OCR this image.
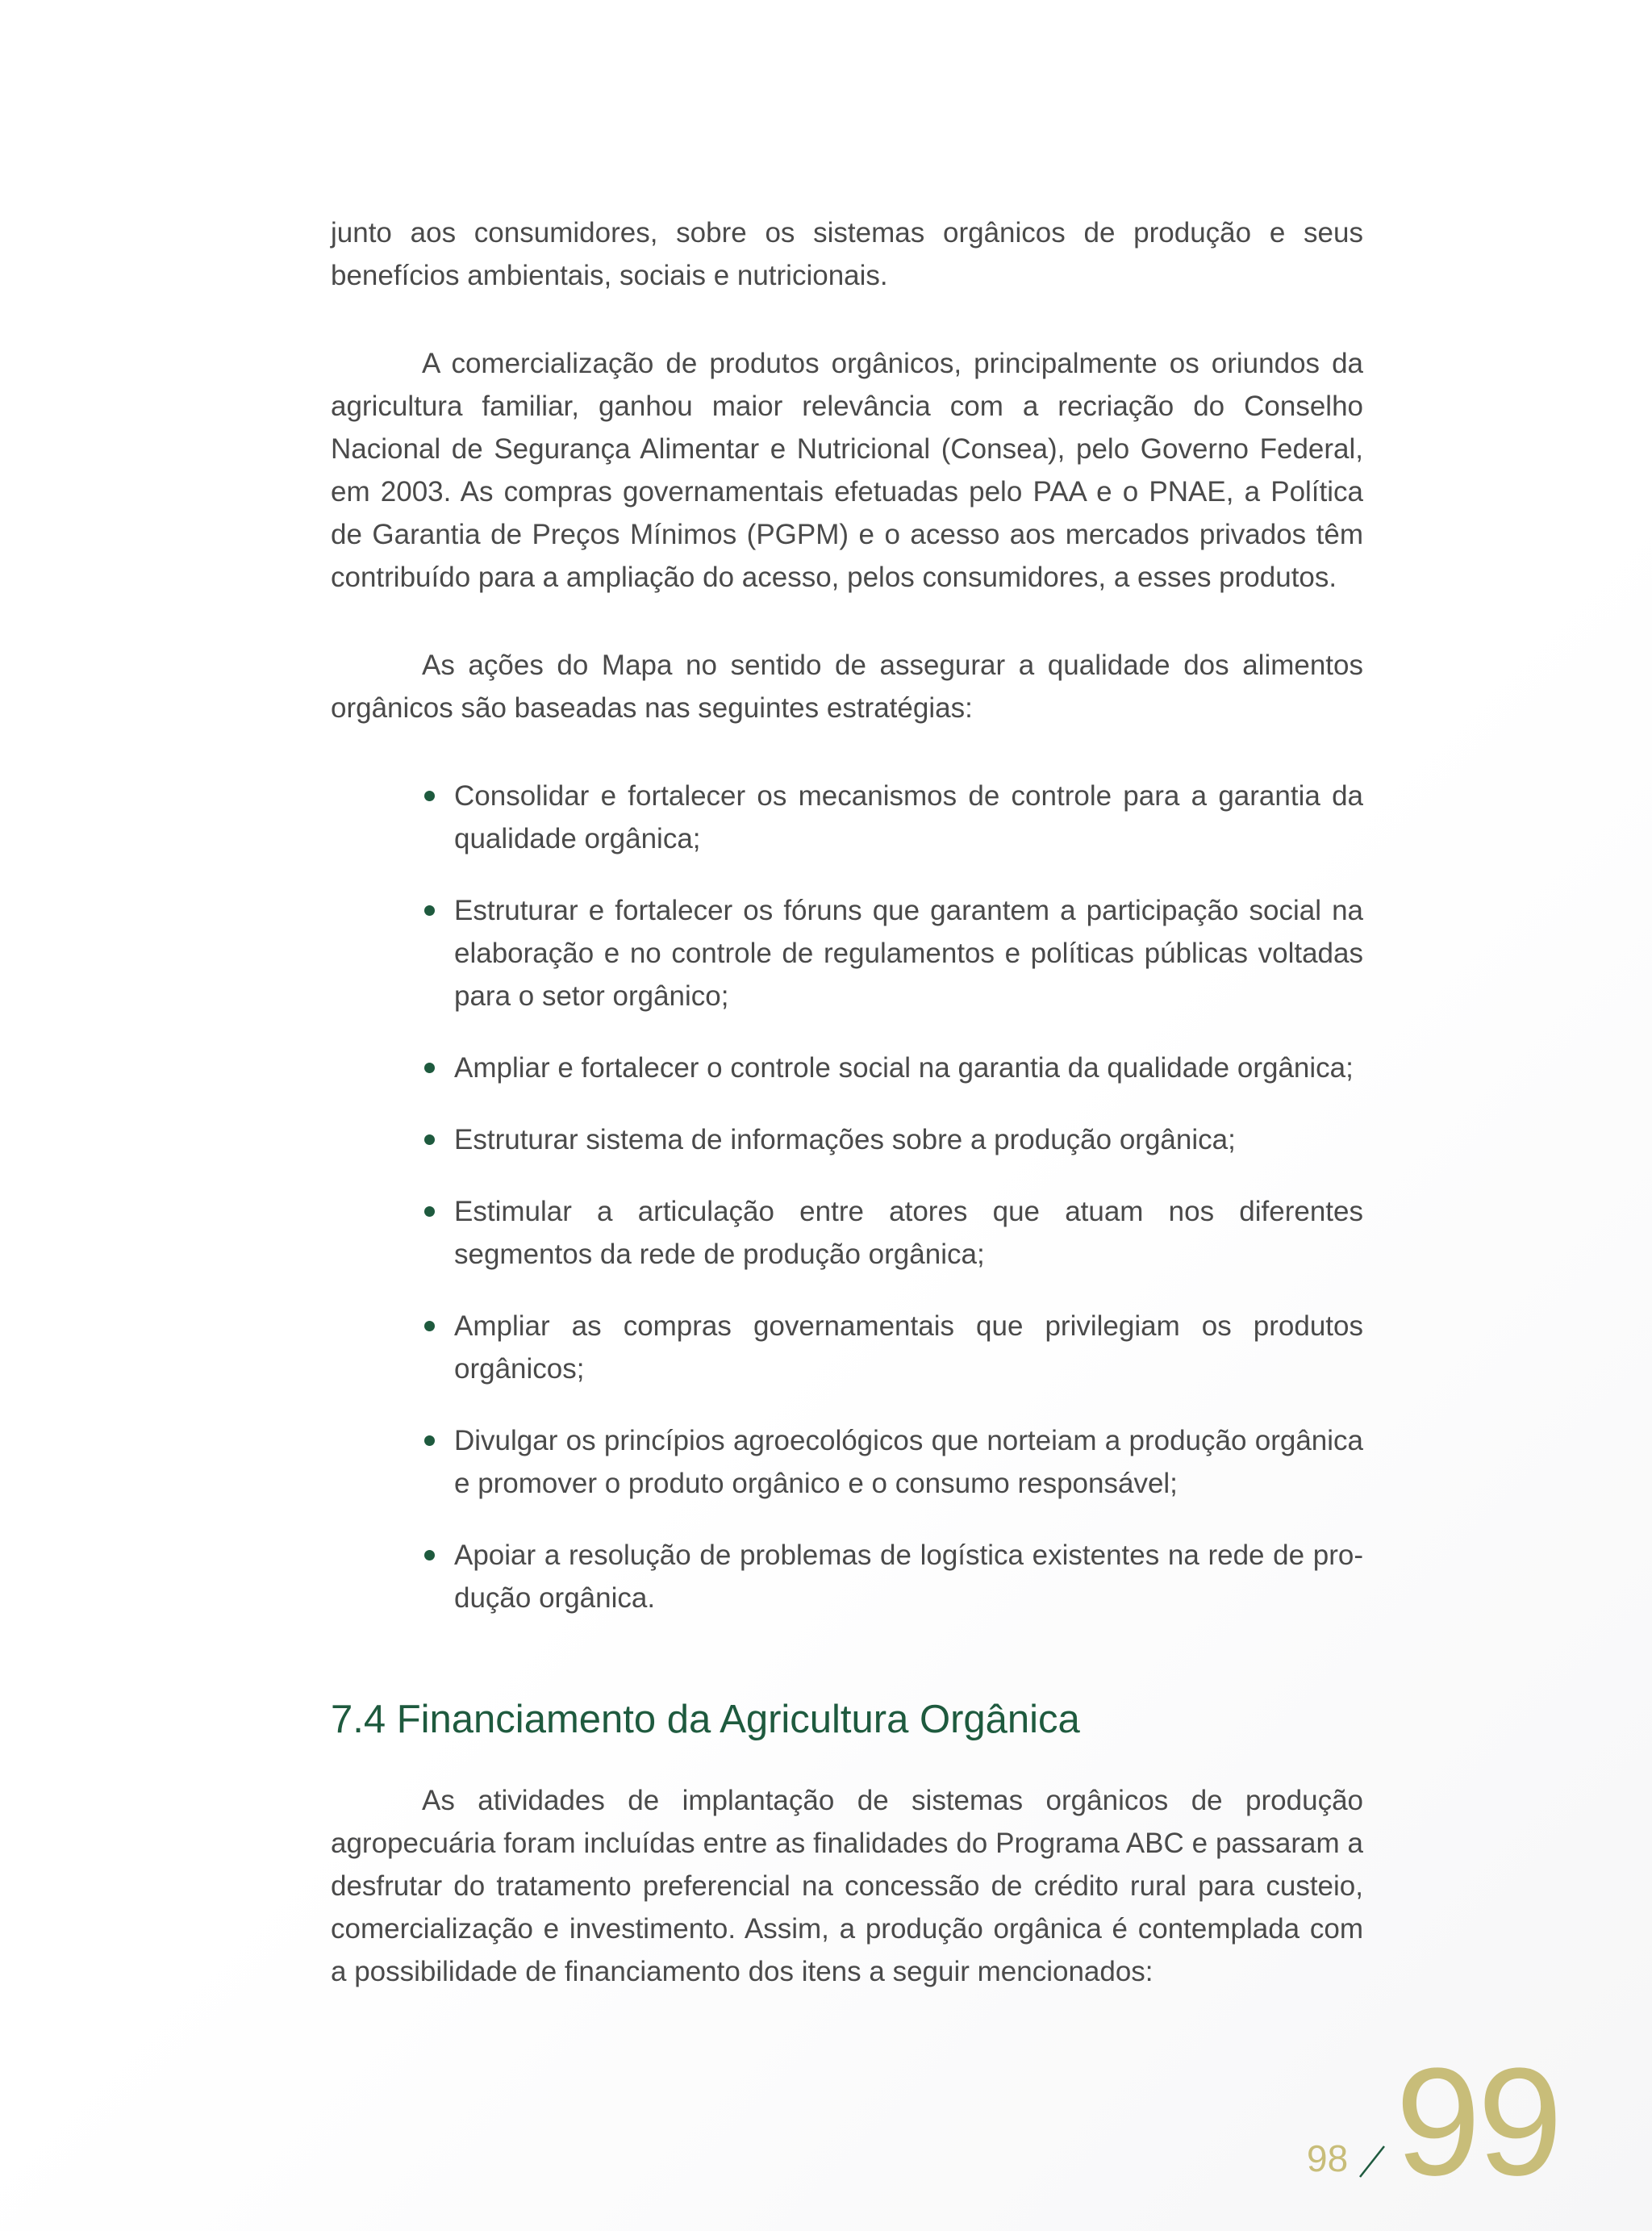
junto aos consumidores, sobre os sistemas orgânicos de produção e seus benefícios ambientais, sociais e nutricionais.

A comercialização de produtos orgânicos, principalmente os oriundos da agricultura familiar, ganhou maior relevância com a recriação do Conselho Nacional de Segurança Alimentar e Nutricional (Consea), pelo Governo Federal, em 2003. As compras governamentais efetuadas pelo PAA e o PNAE, a Política de Garantia de Preços Mínimos (PGPM) e o acesso aos mercados privados têm contribuído para a ampliação do acesso, pelos consumidores, a esses produtos.

As ações do Mapa no sentido de assegurar a qualidade dos alimentos orgânicos são baseadas nas seguintes estratégias:

Consolidar e fortalecer os mecanismos de controle para a garantia da qualidade orgânica;
Estruturar e fortalecer os fóruns que garantem a participação social na elaboração e no controle de regulamentos e políticas públicas voltadas para o setor orgânico;
Ampliar e fortalecer o controle social na garantia da qualidade orgânica;
Estruturar sistema de informações sobre a produção orgânica;
Estimular a articulação entre atores que atuam nos diferentes segmentos da rede de produção orgânica;
Ampliar as compras governamentais que privilegiam os produtos orgânicos;
Divulgar os princípios agroecológicos que norteiam a produção orgânica e promover o produto orgânico e o consumo responsável;
Apoiar a resolução de problemas de logística existentes na rede de produção orgânica.
7.4 Financiamento da Agricultura Orgânica

As atividades de implantação de sistemas orgânicos de produção agropecuária foram incluídas entre as finalidades do Programa ABC e passaram a desfrutar do tratamento preferencial na concessão de crédito rural para custeio, comercialização e investimento. Assim, a produção orgânica é contemplada com a possibilidade de financiamento dos itens a seguir mencionados:

98 99
